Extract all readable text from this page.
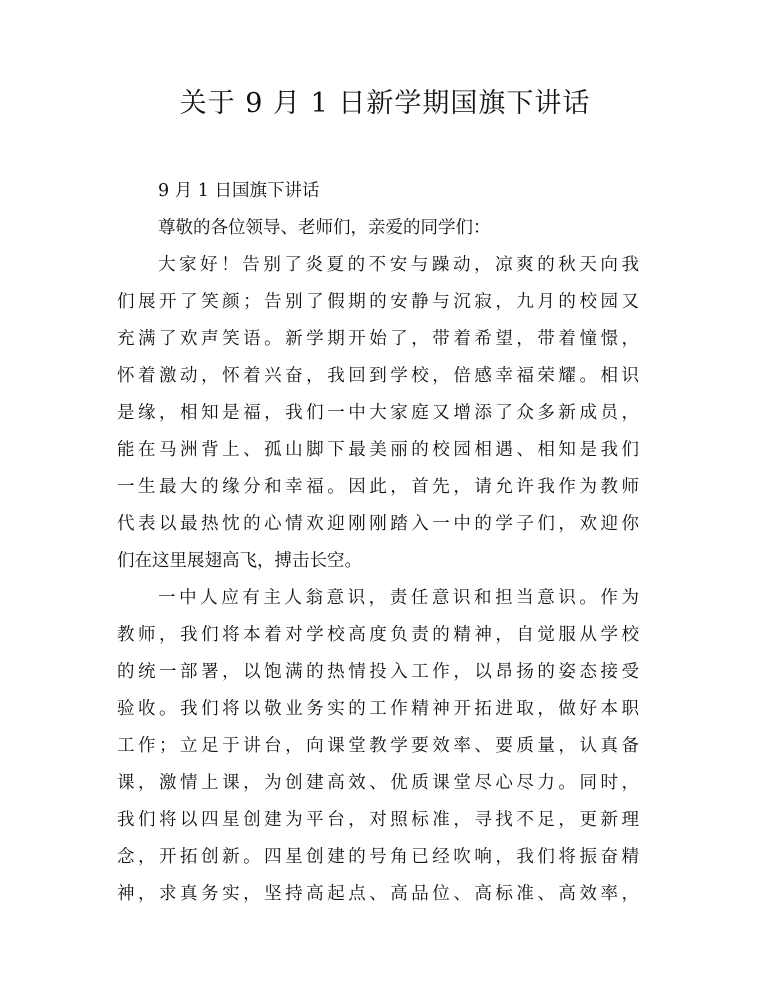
关于 9 月 1 日新学期国旗下讲话
9 月 1 日国旗下讲话
尊敬的各位领导、老师们，亲爱的同学们：
大家好！告别了炎夏的不安与躁动，凉爽的秋天向我
们展开了笑颜；告别了假期的安静与沉寂，九月的校园又
充满了欢声笑语。新学期开始了，带着希望，带着憧憬，
怀着激动，怀着兴奋，我回到学校，倍感幸福荣耀。相识
是缘，相知是福，我们一中大家庭又增添了众多新成员，
能在马洲背上、孤山脚下最美丽的校园相遇、相知是我们
一生最大的缘分和幸福。因此，首先，请允许我作为教师
代表以最热忱的心情欢迎刚刚踏入一中的学子们，欢迎你
们在这里展翅高飞，搏击长空。
一中人应有主人翁意识，责任意识和担当意识。作为
教师，我们将本着对学校高度负责的精神，自觉服从学校
的统一部署，以饱满的热情投入工作，以昂扬的姿态接受
验收。我们将以敬业务实的工作精神开拓进取，做好本职
工作；立足于讲台，向课堂教学要效率、要质量，认真备
课，激情上课，为创建高效、优质课堂尽心尽力。同时，
我们将以四星创建为平台，对照标准，寻找不足，更新理
念，开拓创新。四星创建的号角已经吹响，我们将振奋精
神，求真务实，坚持高起点、高品位、高标准、高效率，
